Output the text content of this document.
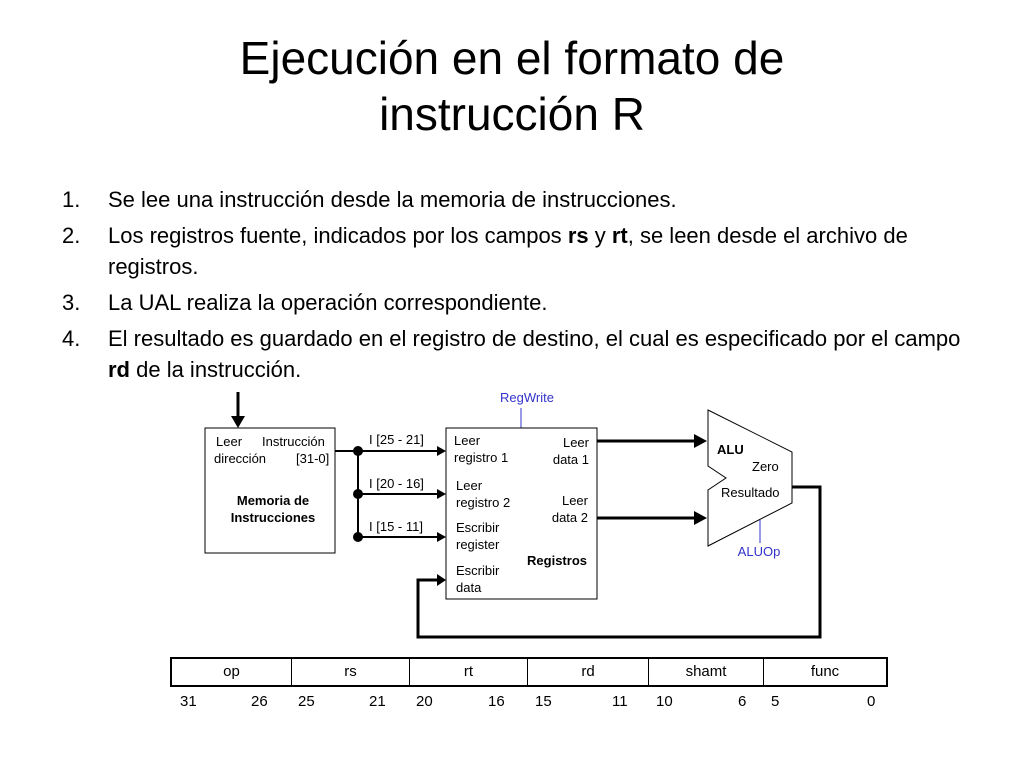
Ejecución en el formato de
instrucción R
1. Se lee una instrucción desde la memoria de instrucciones.
2. Los registros fuente, indicados por los campos rs y rt, se leen desde el archivo de registros.
3. La UAL realiza la operación correspondiente.
4. El resultado es guardado en el registro de destino, el cual es especificado por el campo rd de la instrucción.
Leer
dirección
Instrucción
[31-0]
Memoria de
Instrucciones
I [25 - 21]
I [20 - 16]
I [15 - 11]
RegWrite
Leer
registro 1
Leer
registro 2
Escribir
register
Escribir
data
Leer
data 1
Leer
data 2
Registros
ALU
Zero
Resultado
ALUOp
op	rs	rt	rd	shamt	func
31	26 25	21 20	16 15	11 10	6 5	0
